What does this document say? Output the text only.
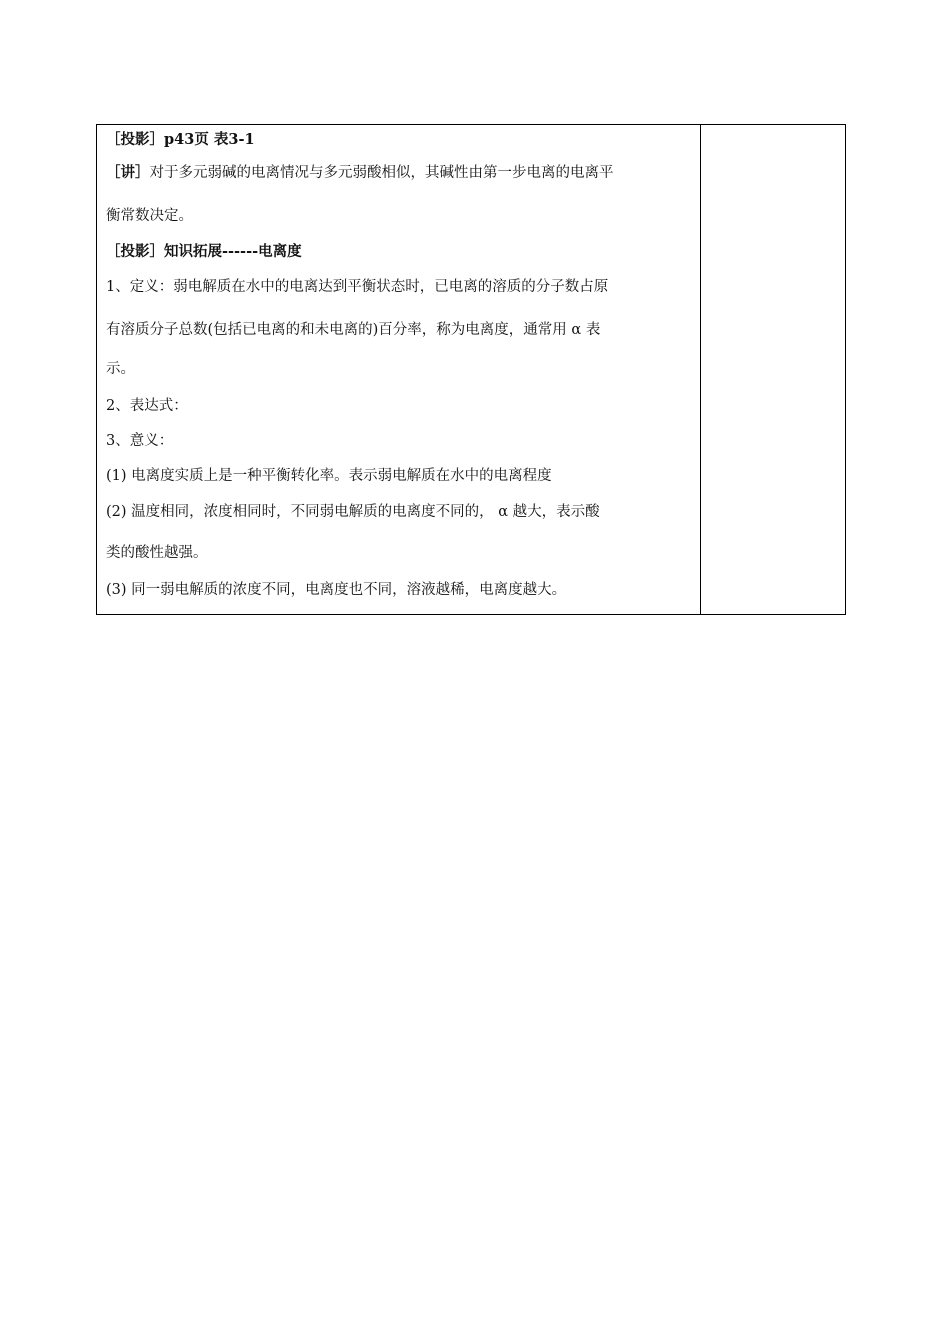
［投影］p43页 表3-1
［讲］对于多元弱碱的电离情况与多元弱酸相似，其碱性由第一步电离的电离平
衡常数决定。
［投影］知识拓展------电离度
1、定义：弱电解质在水中的电离达到平衡状态时，已电离的溶质的分子数占原
有溶质分子总数(包括已电离的和未电离的)百分率，称为电离度，通常用 α 表
示。
2、表达式：
3、意义：
(1) 电离度实质上是一种平衡转化率。表示弱电解质在水中的电离程度
(2) 温度相同，浓度相同时，不同弱电解质的电离度不同的， α 越大，表示酸
类的酸性越强。
(3) 同一弱电解质的浓度不同，电离度也不同，溶液越稀，电离度越大。
